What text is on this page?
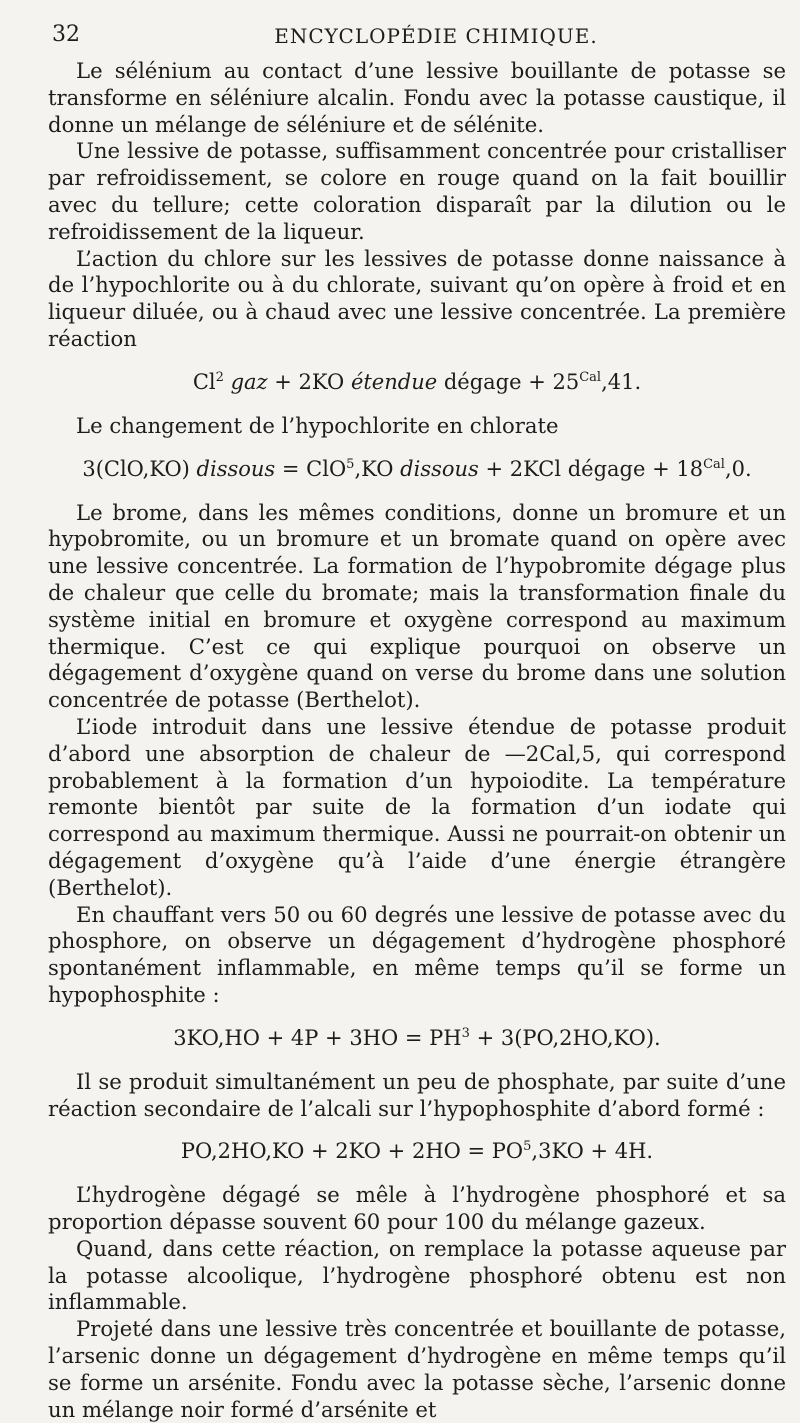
32	ENCYCLOPÉDIE CHIMIQUE.

Le sélénium au contact d’une lessive bouillante de potasse se transforme en séléniure alcalin. Fondu avec la potasse caustique, il donne un mélange de séléniure et de sélénite.

Une lessive de potasse, suffisamment concentrée pour cristalliser par refroidissement, se colore en rouge quand on la fait bouillir avec du tellure; cette coloration disparaît par la dilution ou le refroidissement de la liqueur.

L’action du chlore sur les lessives de potasse donne naissance à de l’hypochlorite ou à du chlorate, suivant qu’on opère à froid et en liqueur diluée, ou à chaud avec une lessive concentrée. La première réaction

Cl$^2$ gaz + 2KO étendue dégage + $25^{Cal},41$.

Le changement de l’hypochlorite en chlorate

3(ClO,KO) dissous = ClO$^5$,KO dissous + 2KCl dégage + $18^{Cal},0$.

Le brome, dans les mêmes conditions, donne un bromure et un hypobromite, ou un bromure et un bromate quand on opère avec une lessive concentrée. La formation de l’hypobromite dégage plus de chaleur que celle du bromate; mais la transformation finale du système initial en bromure et oxygène correspond au maximum thermique. C’est ce qui explique pourquoi on observe un dégagement d’oxygène quand on verse du brome dans une solution concentrée de potasse (Berthelot).

L’iode introduit dans une lessive étendue de potasse produit d’abord une absorption de chaleur de —2Cal,5, qui correspond probablement à la formation d’un hypoiodite. La température remonte bientôt par suite de la formation d’un iodate qui correspond au maximum thermique. Aussi ne pourrait-on obtenir un dégagement d’oxygène qu’à l’aide d’une énergie étrangère (Berthelot).

En chauffant vers 50 ou 60 degrés une lessive de potasse avec du phosphore, on observe un dégagement d’hydrogène phosphoré spontanément inflammable, en même temps qu’il se forme un hypophosphite :

$3KO,HO + 4P + 3HO = PH^3 + 3(PO,2HO,KO)$.

Il se produit simultanément un peu de phosphate, par suite d’une réaction secondaire de l’alcali sur l’hypophosphite d’abord formé :

$PO,2HO,KO + 2KO + 2HO = PO^5,3KO + 4H$.

L’hydrogène dégagé se mêle à l’hydrogène phosphoré et sa proportion dépasse souvent 60 pour 100 du mélange gazeux.

Quand, dans cette réaction, on remplace la potasse aqueuse par la potasse alcoolique, l’hydrogène phosphoré obtenu est non inflammable.

Projeté dans une lessive très concentrée et bouillante de potasse, l’arsenic donne un dégagement d’hydrogène en même temps qu’il se forme un arsénite. Fondu avec la potasse sèche, l’arsenic donne un mélange noir formé d’arsénite et
